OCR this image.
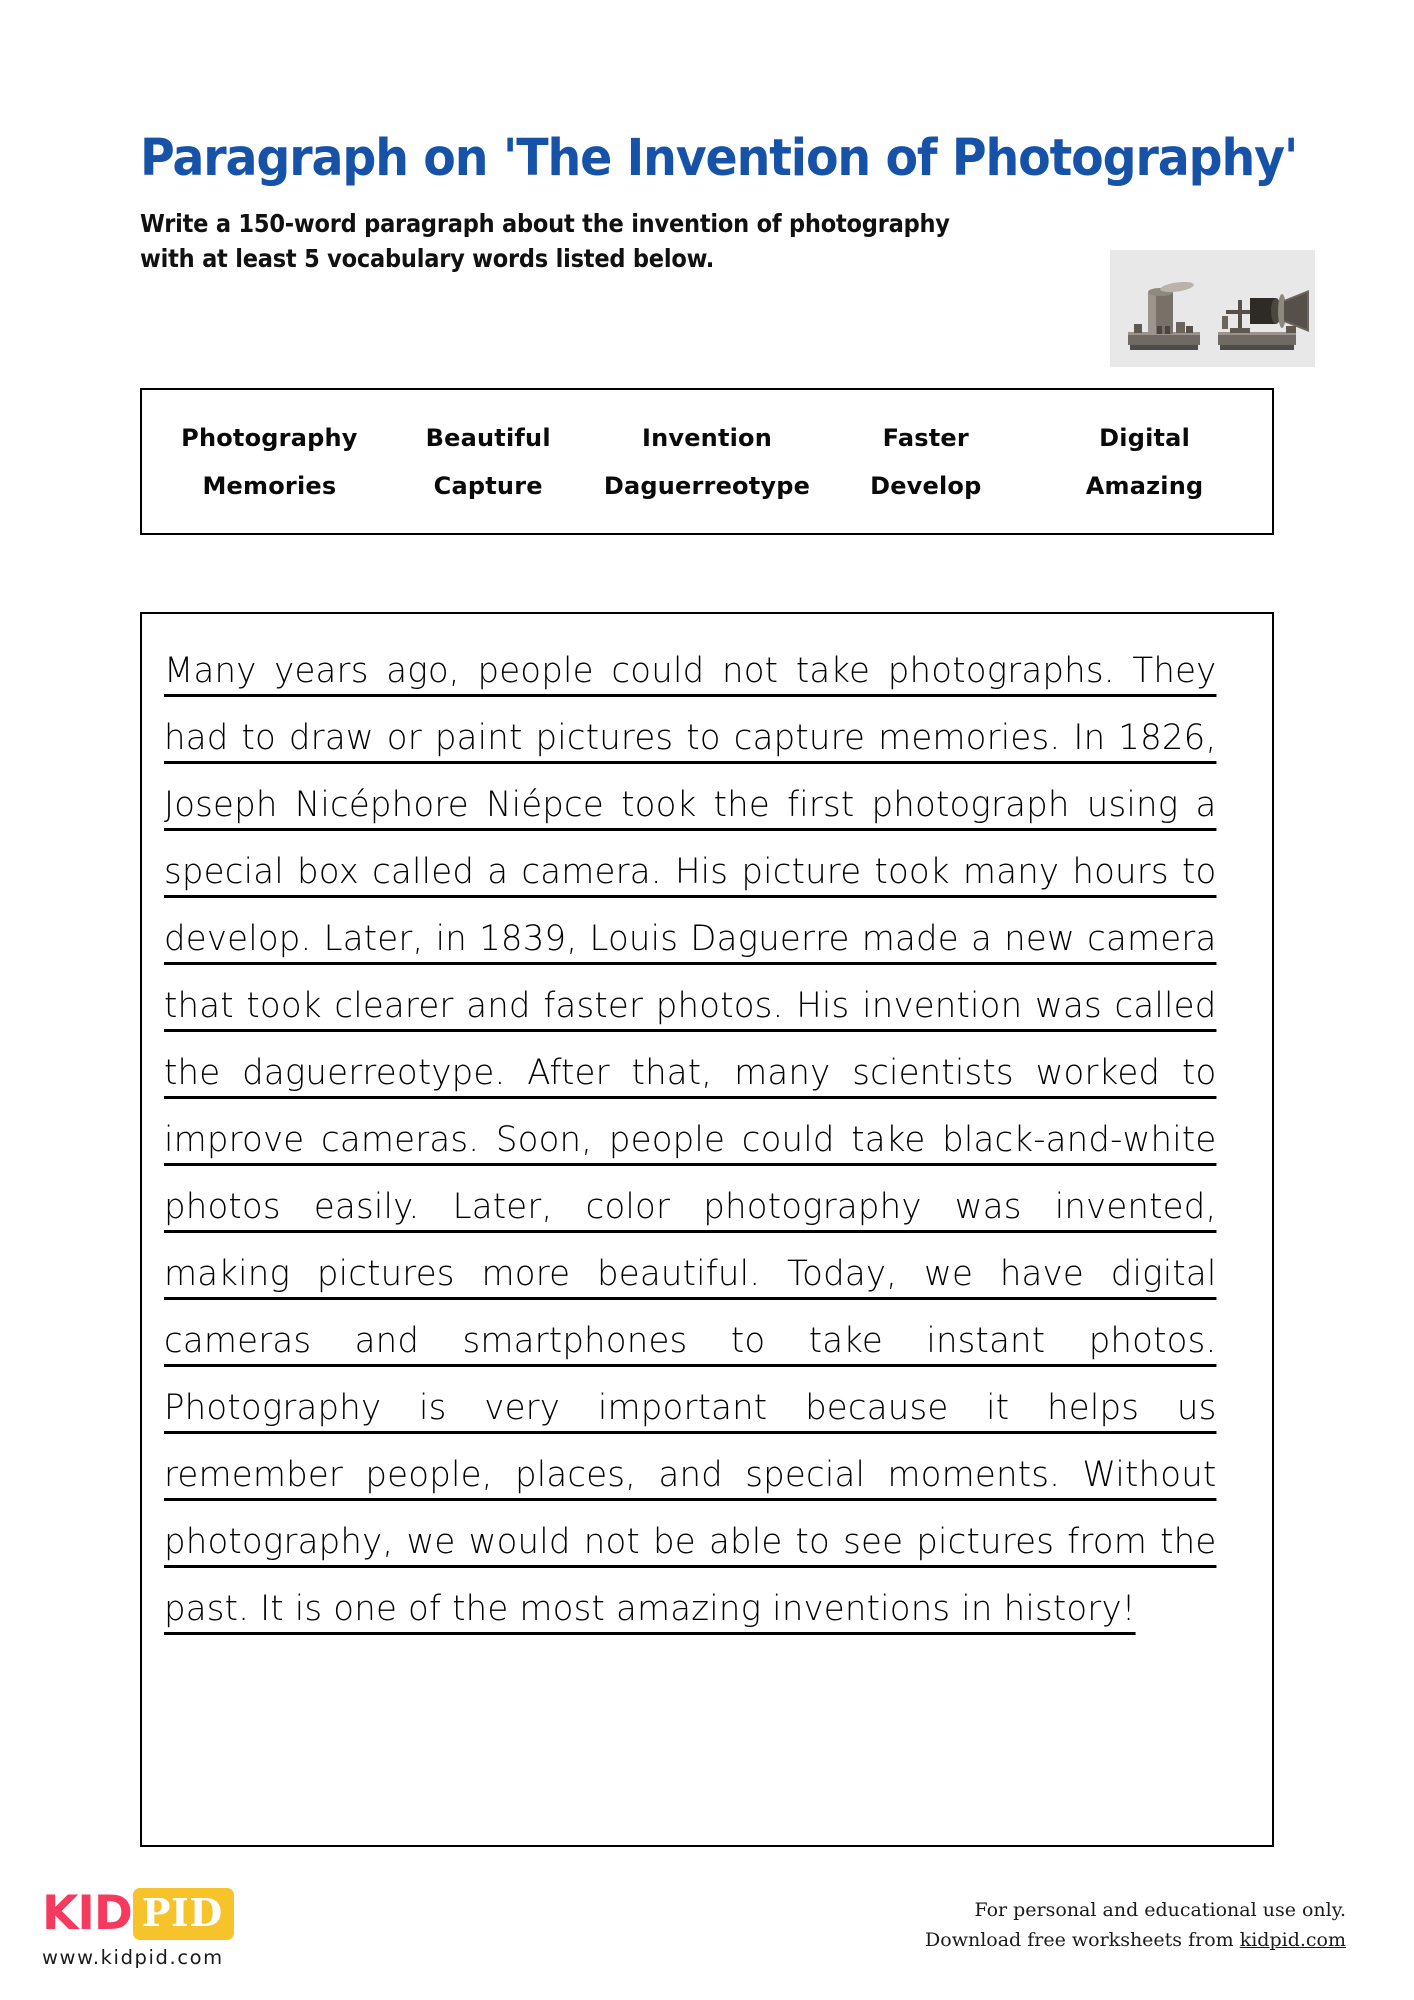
Paragraph on 'The Invention of Photography'
Write a 150-word paragraph about the invention of photography
with at least 5 vocabulary words listed below.
Photography	Beautiful	Invention	Faster	Digital
Memories	Capture	Daguerreotype	Develop	Amazing
Many years ago, people could not take photographs. They had to draw or paint pictures to capture memories. In 1826, Joseph Nicéphore Niépce took the first photograph using a special box called a camera. His picture took many hours to develop. Later, in 1839, Louis Daguerre made a new camera that took clearer and faster photos. His invention was called the daguerreotype. After that, many scientists worked to improve cameras. Soon, people could take black-and-white photos easily. Later, color photography was invented, making pictures more beautiful. Today, we have digital cameras and smartphones to take instant photos. Photography is very important because it helps us remember people, places, and special moments. Without photography, we would not be able to see pictures from the past. It is one of the most amazing inventions in history!
KID PID
www.kidpid.com
For personal and educational use only.
Download free worksheets from kidpid.com
